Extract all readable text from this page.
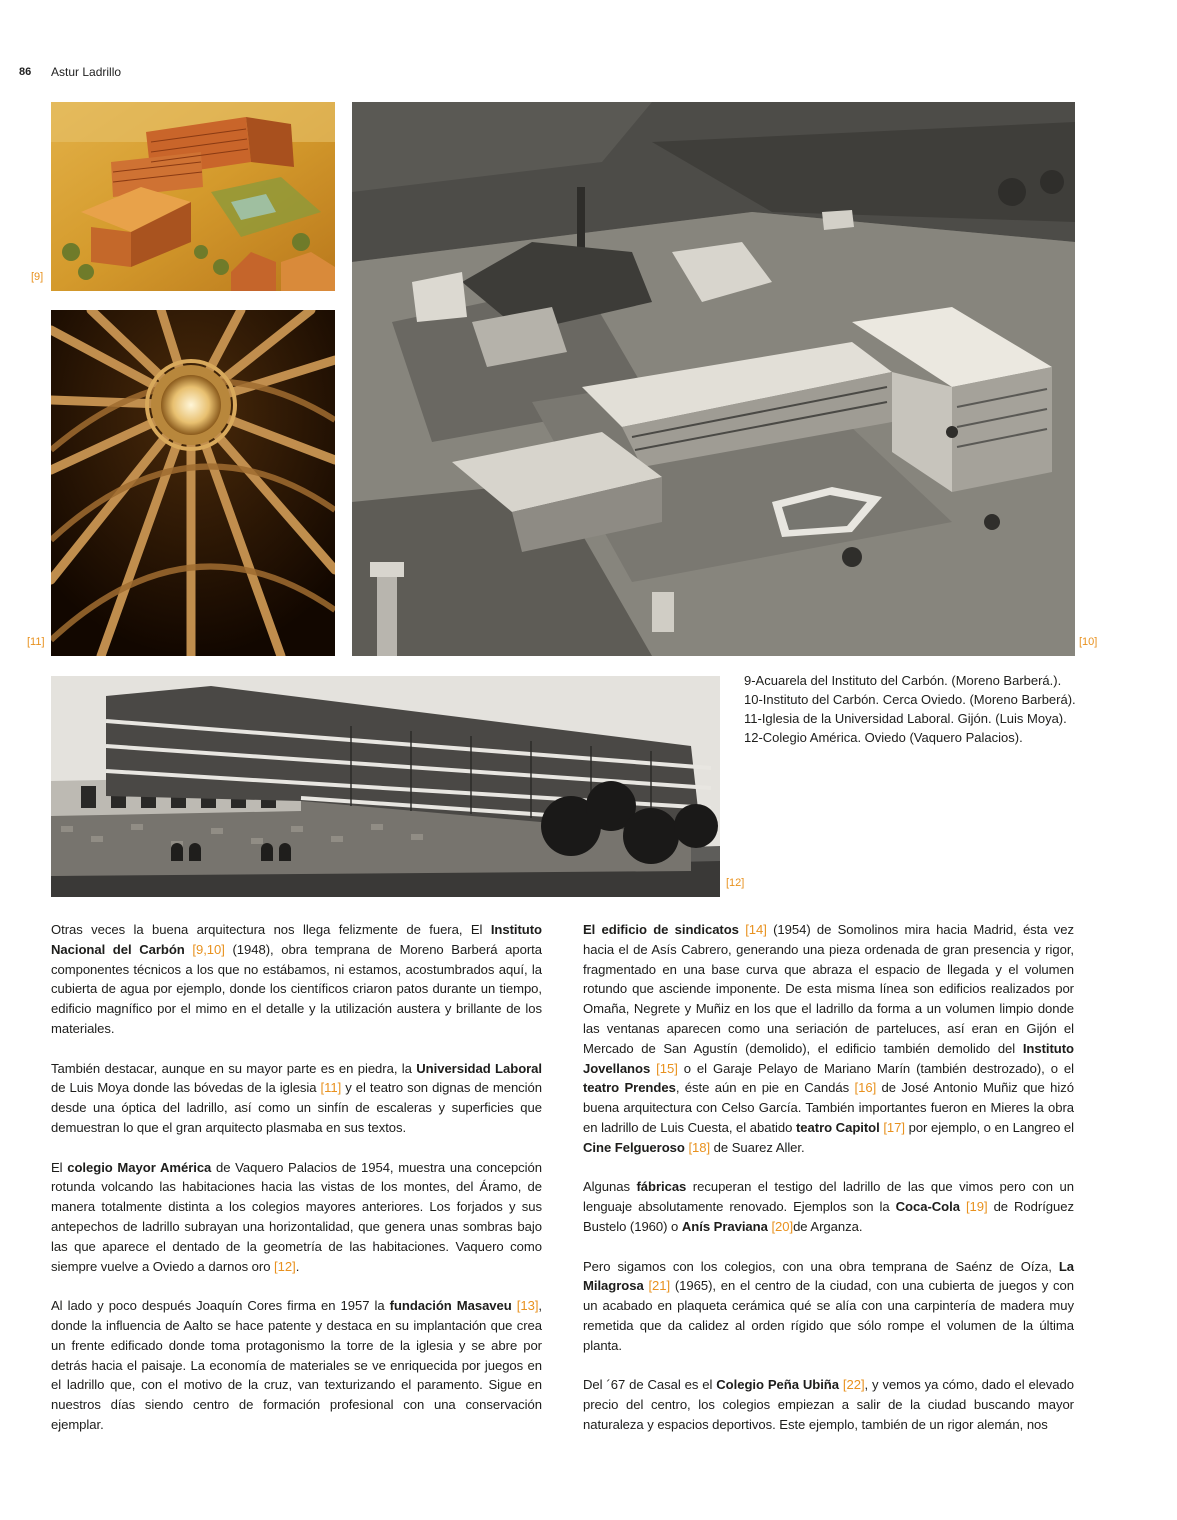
86 Astur Ladrillo
[9]
[11]	[10]
[12]
9-Acuarela del Instituto del Carbón. (Moreno Barberá.).
10-Instituto del Carbón. Cerca Oviedo. (Moreno Barberá).
11-Iglesia de la Universidad Laboral. Gijón. (Luis Moya).
12-Colegio América. Oviedo (Vaquero Palacios).

Otras veces la buena arquitectura nos llega felizmente de fuera, El Instituto Nacional del Carbón [9,10] (1948), obra temprana de Moreno Barberá aporta componentes técnicos a los que no estábamos, ni estamos, acostumbrados aquí, la cubierta de agua por ejemplo, donde los científicos criaron patos durante un tiempo, edificio magnífico por el mimo en el detalle y la utilización austera y brillante de los materiales.

También destacar, aunque en su mayor parte es en piedra, la Universidad Laboral de Luis Moya donde las bóvedas de la iglesia [11] y el teatro son dignas de mención desde una óptica del ladrillo, así como un sinfín de escaleras y superficies que demuestran lo que el gran arquitecto plasmaba en sus textos.

El colegio Mayor América de Vaquero Palacios de 1954, muestra una concepción rotunda volcando las habitaciones hacia las vistas de los montes, del Áramo, de manera totalmente distinta a los colegios mayores anteriores. Los forjados y sus antepechos de ladrillo subrayan una horizontalidad, que genera unas sombras bajo las que aparece el dentado de la geometría de las habitaciones. Vaquero como siempre vuelve a Oviedo a darnos oro [12].

Al lado y poco después Joaquín Cores firma en 1957 la fundación Masaveu [13], donde la influencia de Aalto se hace patente y destaca en su implantación que crea un frente edificado donde toma protagonismo la torre de la iglesia y se abre por detrás hacia el paisaje. La economía de materiales se ve enriquecida por juegos en el ladrillo que, con el motivo de la cruz, van texturizando el paramento. Sigue en nuestros días siendo centro de formación profesional con una conservación ejemplar.

El edificio de sindicatos [14] (1954) de Somolinos mira hacia Madrid, ésta vez hacia el de Asís Cabrero, generando una pieza ordenada de gran presencia y rigor, fragmentado en una base curva que abraza el espacio de llegada y el volumen rotundo que asciende imponente. De esta misma línea son edificios realizados por Omaña, Negrete y Muñiz en los que el ladrillo da forma a un volumen limpio donde las ventanas aparecen como una seriación de parteluces, así eran en Gijón el Mercado de San Agustín (demolido), el edificio también demolido del Instituto Jovellanos [15] o el Garaje Pelayo de Mariano Marín (también destrozado), o el teatro Prendes, éste aún en pie en Candás [16] de José Antonio Muñiz que hizó buena arquitectura con Celso García. También importantes fueron en Mieres la obra en ladrillo de Luis Cuesta, el abatido teatro Capitol [17] por ejemplo, o en Langreo el Cine Felgueroso [18] de Suarez Aller.

Algunas fábricas recuperan el testigo del ladrillo de las que vimos pero con un lenguaje absolutamente renovado. Ejemplos son la Coca-Cola [19] de Rodríguez Bustelo (1960) o Anís Praviana [20]de Arganza.

Pero sigamos con los colegios, con una obra temprana de Saénz de Oíza, La Milagrosa [21] (1965), en el centro de la ciudad, con una cubierta de juegos y con un acabado en plaqueta cerámica qué se alía con una carpintería de madera muy remetida que da calidez al orden rígido que sólo rompe el volumen de la última planta.

Del ´67 de Casal es el Colegio Peña Ubiña [22], y vemos ya cómo, dado el elevado precio del centro, los colegios empiezan a salir de la ciudad buscando mayor naturaleza y espacios deportivos. Este ejemplo, también de un rigor alemán, nos
